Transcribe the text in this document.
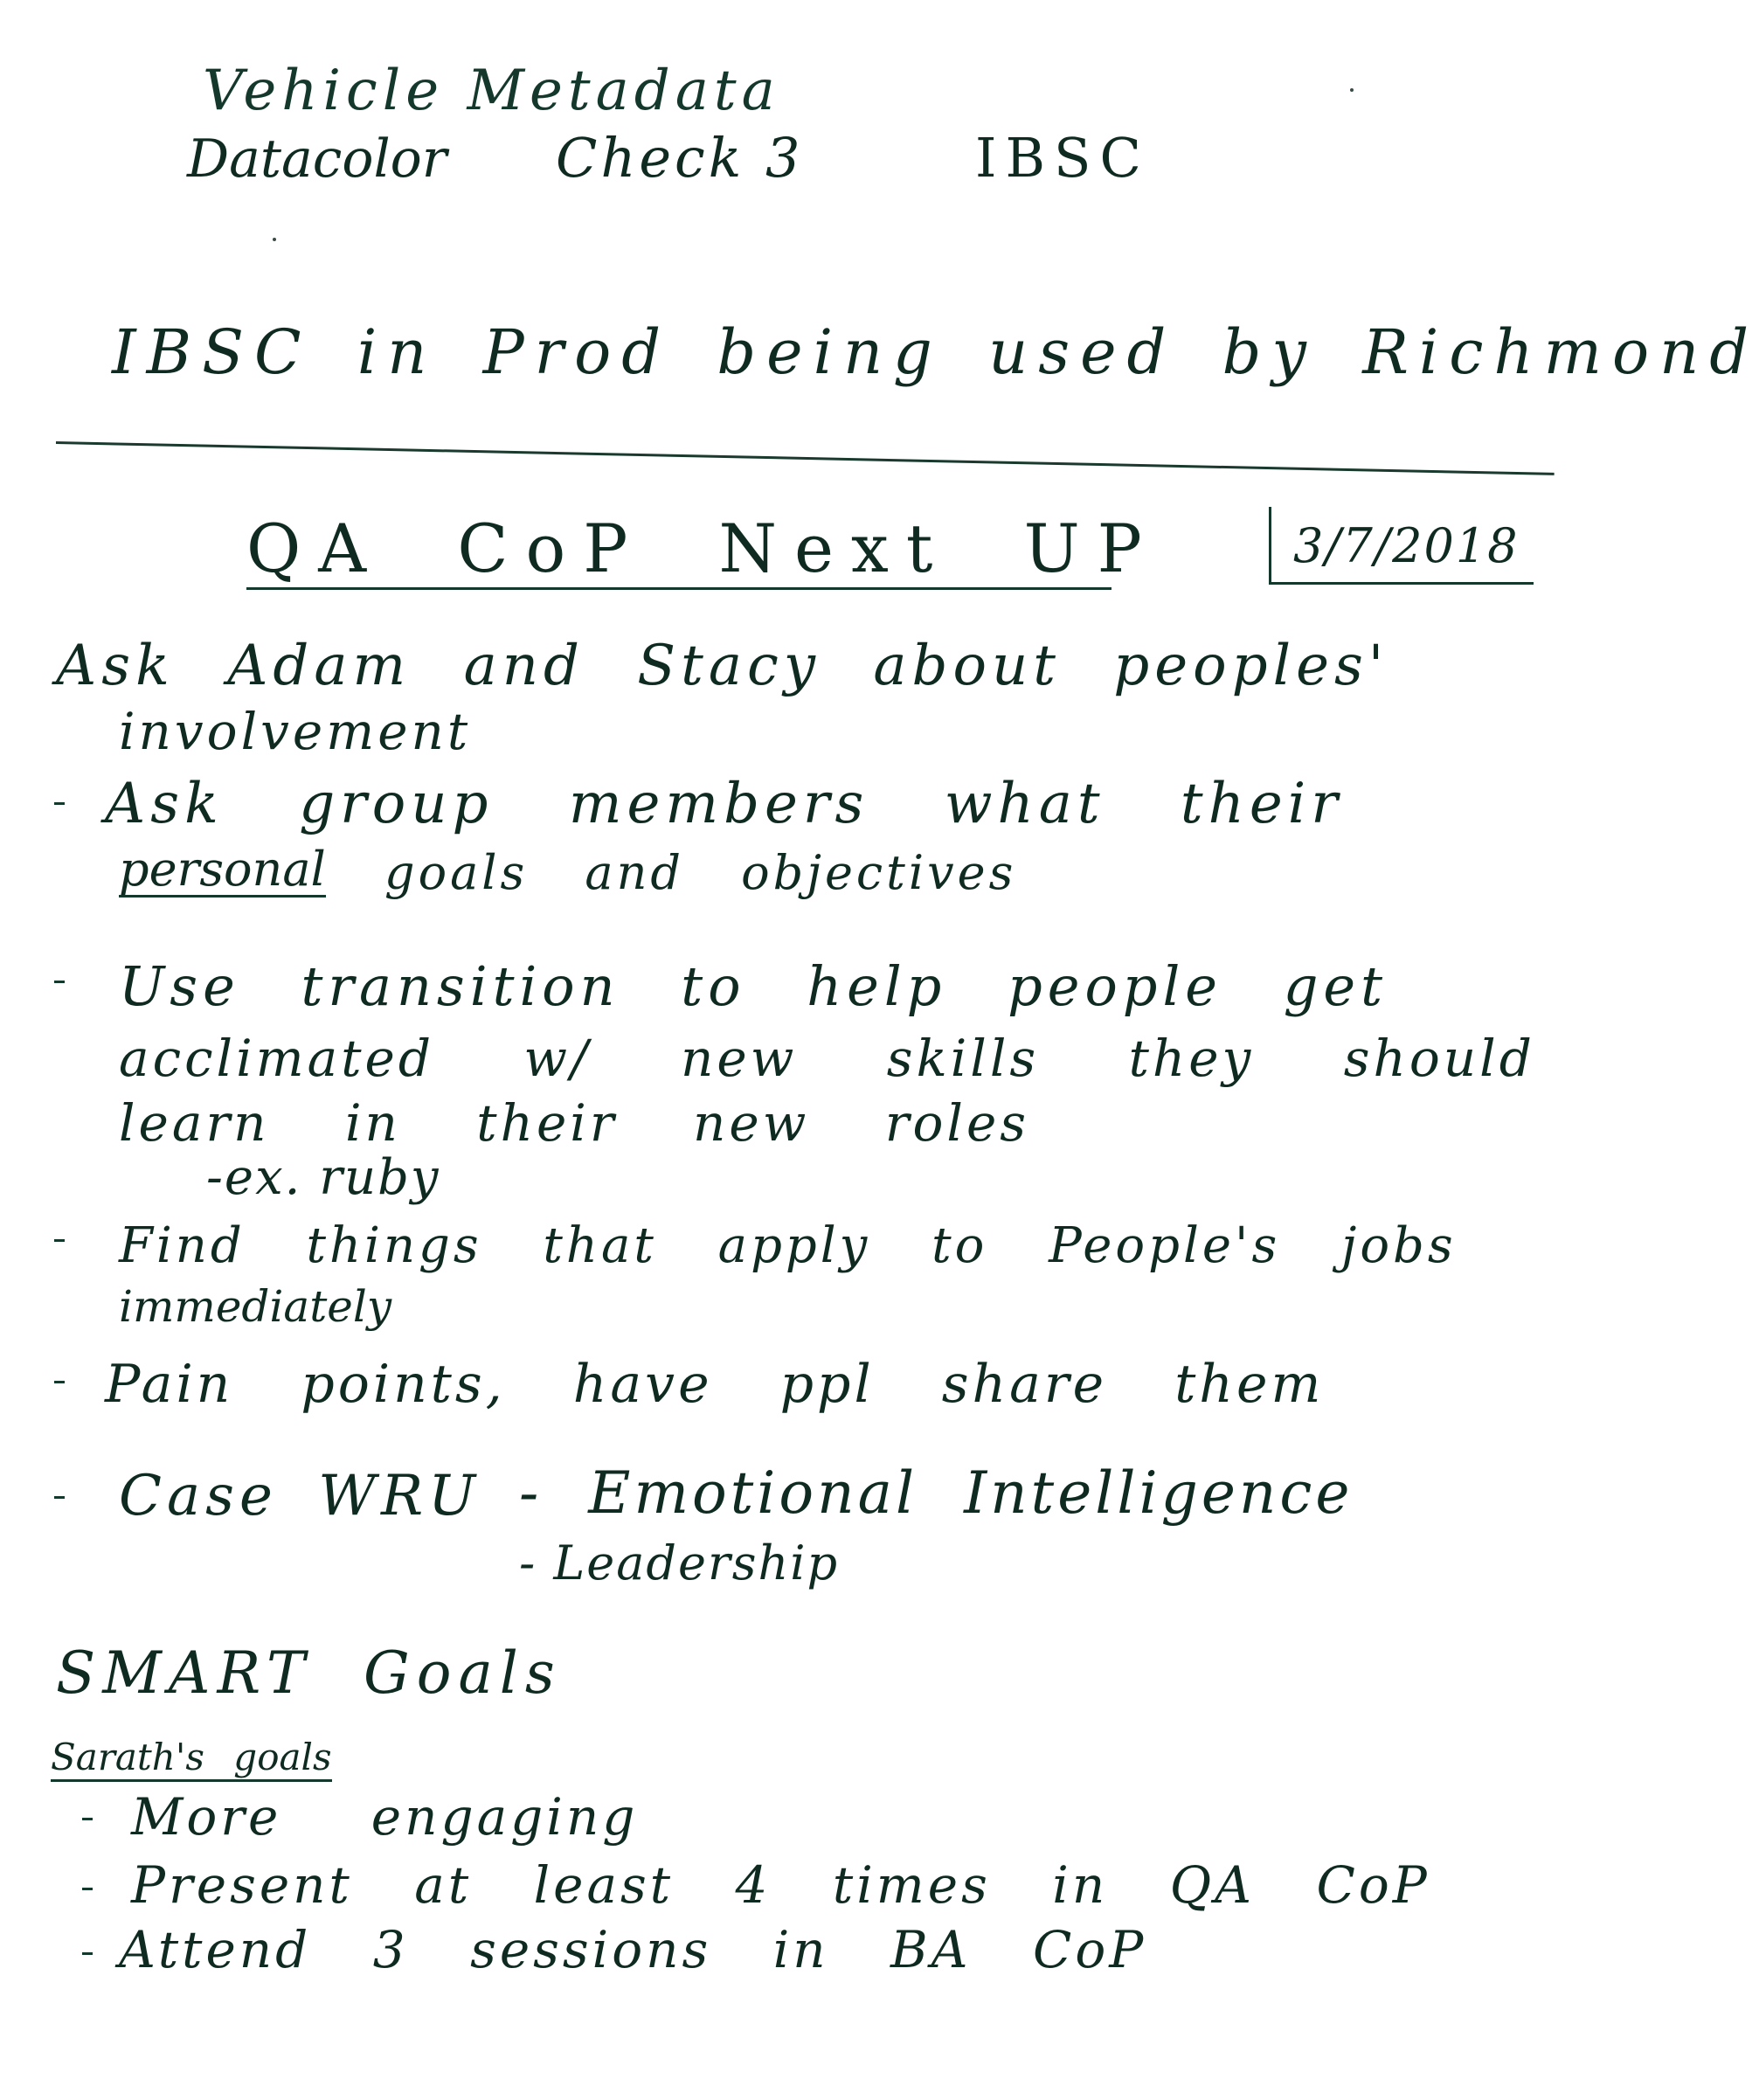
Vehicle Metadata
Datacolor Check 3	IBSC
IBSC in Prod being used by Richmond
QA CoP Next UP	3/7/2018
Ask Adam and Stacy about peoples'
involvement
Ask group members what their
personal goals and objectives
Use transition to help people get
acclimated w/ new skills they should
learn in their new roles
-ex. ruby
Find things that apply to People's jobs
immediately
Pain points, have ppl share them
Case WRU - Emotional Intelligence
- Leadership
SMART Goals
Sarath's goals
More engaging
Present at least 4 times in QA CoP
Attend 3 sessions in BA CoP
